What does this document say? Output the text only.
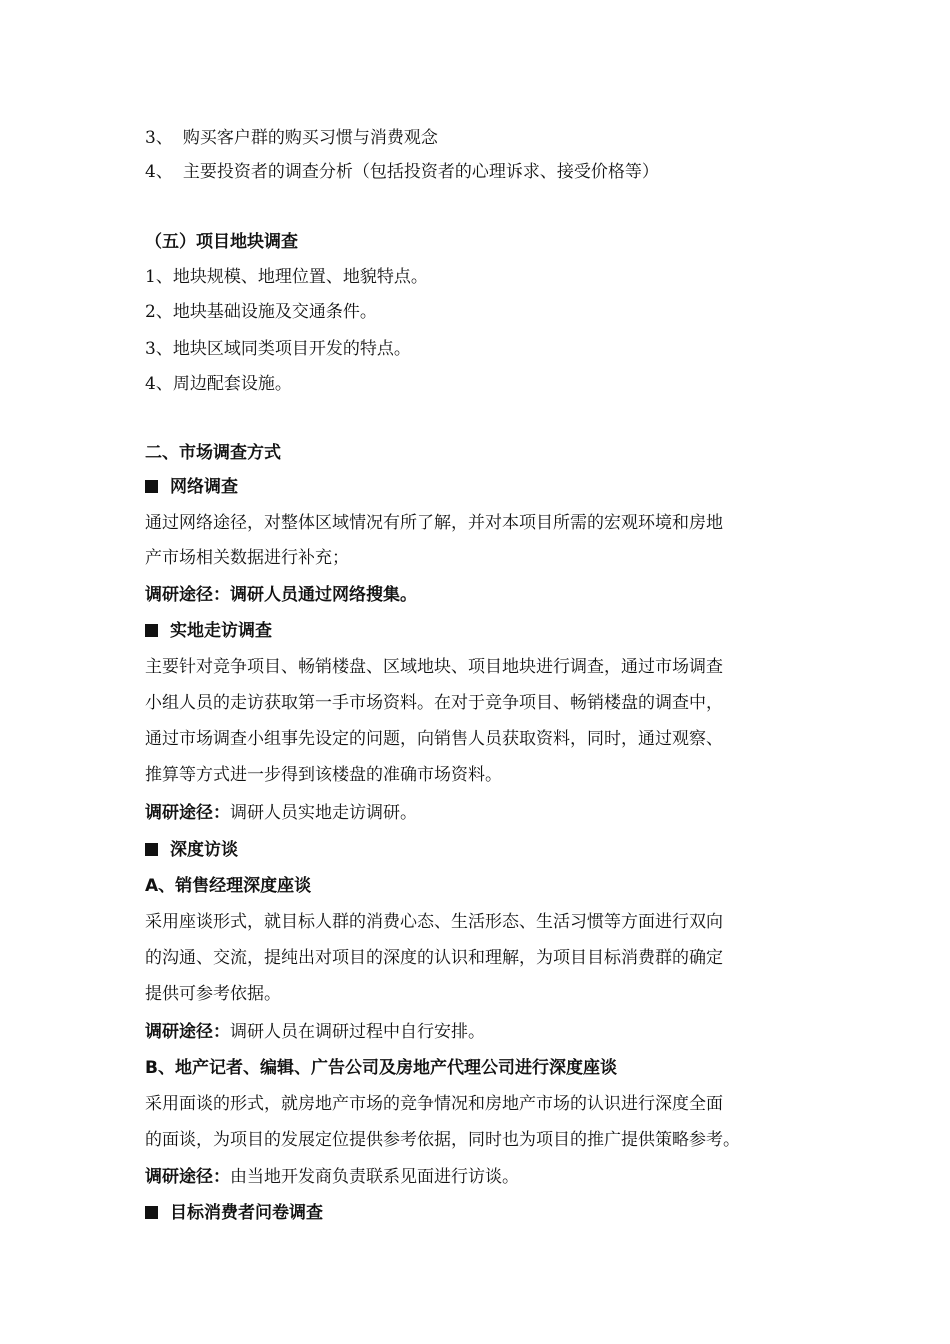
3、 购买客户群的购买习惯与消费观念
4、 主要投资者的调查分析（包括投资者的心理诉求、接受价格等）
（五）项目地块调查
1、地块规模、地理位置、地貌特点。
2、地块基础设施及交通条件。
3、地块区域同类项目开发的特点。
4、周边配套设施。
二、市场调查方式
网络调查
通过网络途径，对整体区域情况有所了解，并对本项目所需的宏观环境和房地
产市场相关数据进行补充；
调研途径：调研人员通过网络搜集。
实地走访调查
主要针对竞争项目、畅销楼盘、区域地块、项目地块进行调查，通过市场调查
小组人员的走访获取第一手市场资料。在对于竞争项目、畅销楼盘的调查中，
通过市场调查小组事先设定的问题，向销售人员获取资料，同时，通过观察、
推算等方式进一步得到该楼盘的准确市场资料。
调研途径：调研人员实地走访调研。
深度访谈
A、销售经理深度座谈
采用座谈形式，就目标人群的消费心态、生活形态、生活习惯等方面进行双向
的沟通、交流，提纯出对项目的深度的认识和理解，为项目目标消费群的确定
提供可参考依据。
调研途径：调研人员在调研过程中自行安排。
B、地产记者、编辑、广告公司及房地产代理公司进行深度座谈
采用面谈的形式，就房地产市场的竞争情况和房地产市场的认识进行深度全面
的面谈，为项目的发展定位提供参考依据，同时也为项目的推广提供策略参考。
调研途径：由当地开发商负责联系见面进行访谈。
目标消费者问卷调查
